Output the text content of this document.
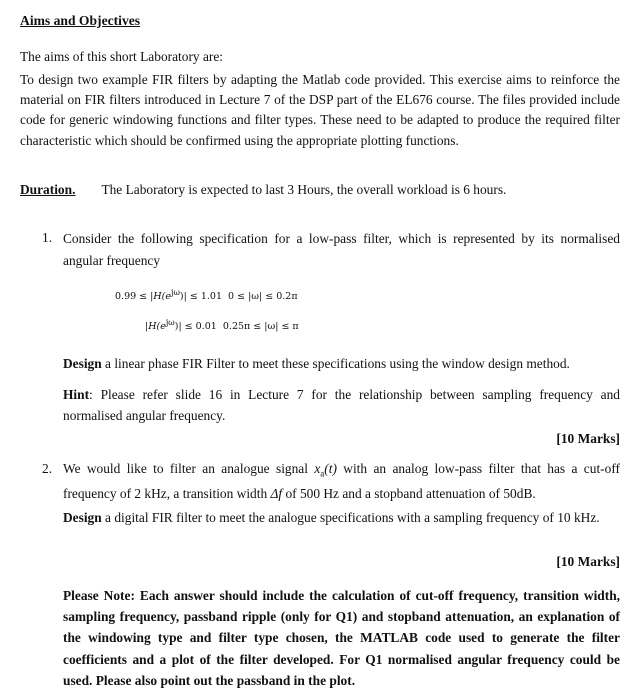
Aims and Objectives

The aims of this short Laboratory are:

To design two example FIR filters by adapting the Matlab code provided. This exercise aims to reinforce the material on FIR filters introduced in Lecture 7 of the DSP part of the EL676 course. The files provided include code for generic windowing functions and filter types. These need to be adapted to produce the required filter characteristic which should be confirmed using the appropriate plotting functions.

Duration. The Laboratory is expected to last 3 Hours, the overall workload is 6 hours.
1. Consider the following specification for a low-pass filter, which is represented by its normalised angular frequency

$0.99 \le |H(e^{j\omega})| \le 1.01$ 0 ≤ |ω| ≤ 0.2π
$|H(e^{j\omega})| \le 0.01$ 0.25π ≤ |ω| ≤ π

Design a linear phase FIR Filter to meet these specifications using the window design method.

Hint: Please refer slide 16 in Lecture 7 for the relationship between sampling frequency and normalised angular frequency.

[10 Marks]
2. We would like to filter an analogue signal $x_a(t)$ with an analog low-pass filter that has a cut-off frequency of 2 kHz, a transition width Δf of 500 Hz and a stopband attenuation of 50dB.
Design a digital FIR filter to meet the analogue specifications with a sampling frequency of 10 kHz.

[10 Marks]

Please Note: Each answer should include the calculation of cut-off frequency, transition width, sampling frequency, passband ripple (only for Q1) and stopband attenuation, an explanation of the windowing type and filter type chosen, the MATLAB code used to generate the filter coefficients and a plot of the filter developed. For Q1 normalised angular frequency could be used. Please also point out the passband in the plot.
